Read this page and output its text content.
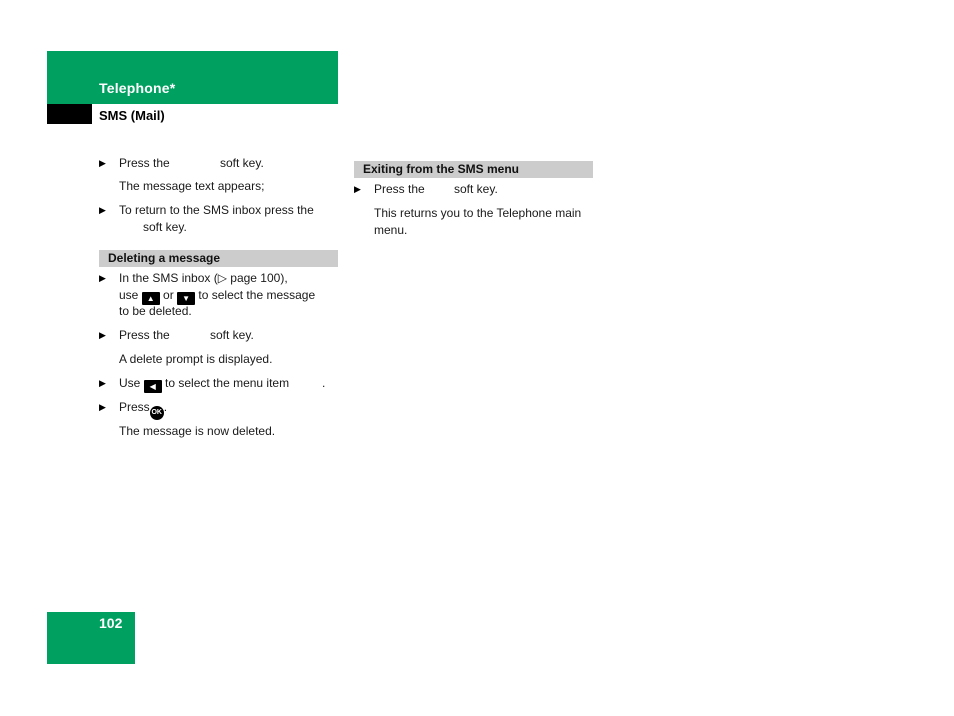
Telephone*
SMS (Mail)
▶ Press the	soft key.
The message text appears;
▶ To return to the SMS inbox press the
soft key.
Deleting a message
▶ In the SMS inbox (▷ page 100),
use ▲ or ▼ to select the message
to be deleted.
▶ Press the	soft key.
A delete prompt is displayed.
▶ Use ◀ to select the menu item	.
▶ Press OK .
The message is now deleted.
Exiting from the SMS menu
▶ Press the soft key.
This returns you to the Telephone main
menu.
102
